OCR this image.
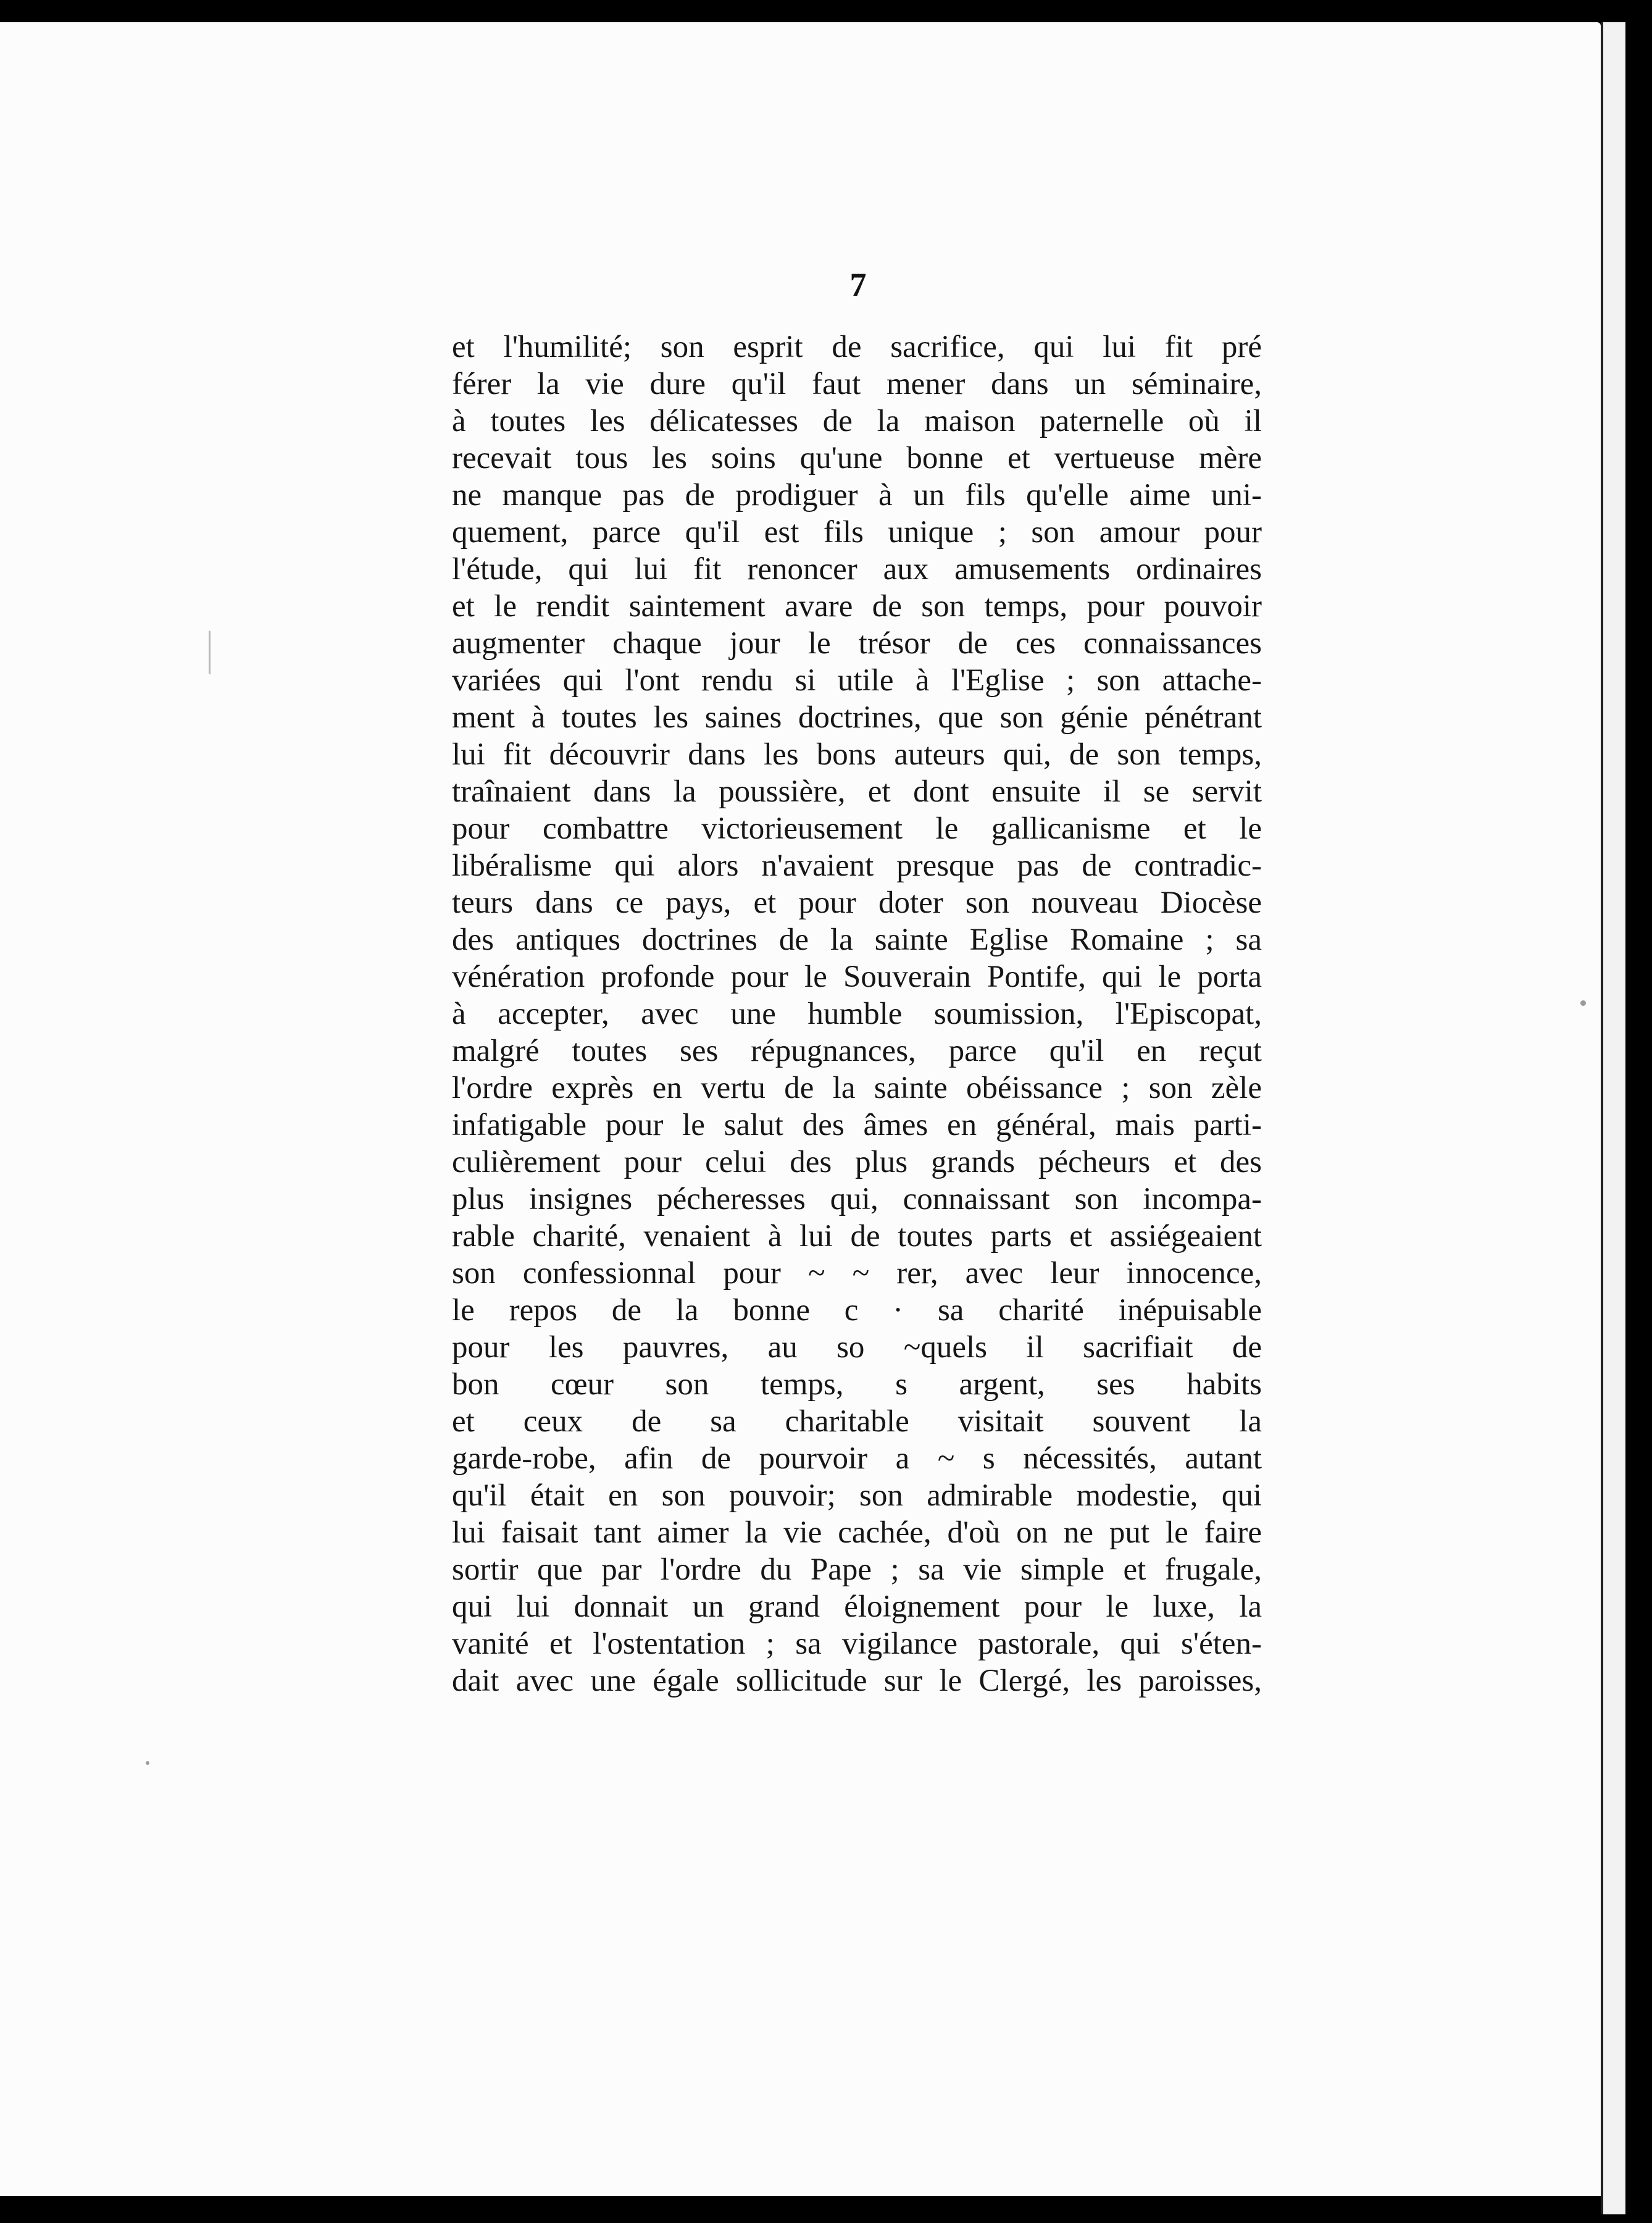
7
et l'humilité; son esprit de sacrifice, qui lui fit pré
férer la vie dure qu'il faut mener dans un séminaire,
à toutes les délicatesses de la maison paternelle où il
recevait tous les soins qu'une bonne et vertueuse mère
ne manque pas de prodiguer à un fils qu'elle aime uni-
quement, parce qu'il est fils unique ; son amour pour
l'étude, qui lui fit renoncer aux amusements ordinaires
et le rendit saintement avare de son temps, pour pouvoir
augmenter chaque jour le trésor de ces connaissances
variées qui l'ont rendu si utile à l'Eglise ; son attache-
ment à toutes les saines doctrines, que son génie pénétrant
lui fit découvrir dans les bons auteurs qui, de son temps,
traînaient dans la poussière, et dont ensuite il se servit
pour combattre victorieusement le gallicanisme et le
libéralisme qui alors n'avaient presque pas de contradic-
teurs dans ce pays, et pour doter son nouveau Diocèse
des antiques doctrines de la sainte Eglise Romaine ; sa
vénération profonde pour le Souverain Pontife, qui le porta
à accepter, avec une humble soumission, l'Episcopat,
malgré toutes ses répugnances, parce qu'il en reçut
l'ordre exprès en vertu de la sainte obéissance ; son zèle
infatigable pour le salut des âmes en général, mais parti-
culièrement pour celui des plus grands pécheurs et des
plus insignes pécheresses qui, connaissant son incompa-
rable charité, venaient à lui de toutes parts et assiégeaient
son confessionnal pour ~ ~ rer, avec leur innocence,
le repos de la bonne c · sa charité inépuisable
pour les pauvres, au so ~quels il sacrifiait de
bon cœur son temps, s argent, ses habits
et ceux de sa charitable visitait souvent la
garde-robe, afin de pourvoir a ~ s nécessités, autant
qu'il était en son pouvoir; son admirable modestie, qui
lui faisait tant aimer la vie cachée, d'où on ne put le faire
sortir que par l'ordre du Pape ; sa vie simple et frugale,
qui lui donnait un grand éloignement pour le luxe, la
vanité et l'ostentation ; sa vigilance pastorale, qui s'éten-
dait avec une égale sollicitude sur le Clergé, les paroisses,
